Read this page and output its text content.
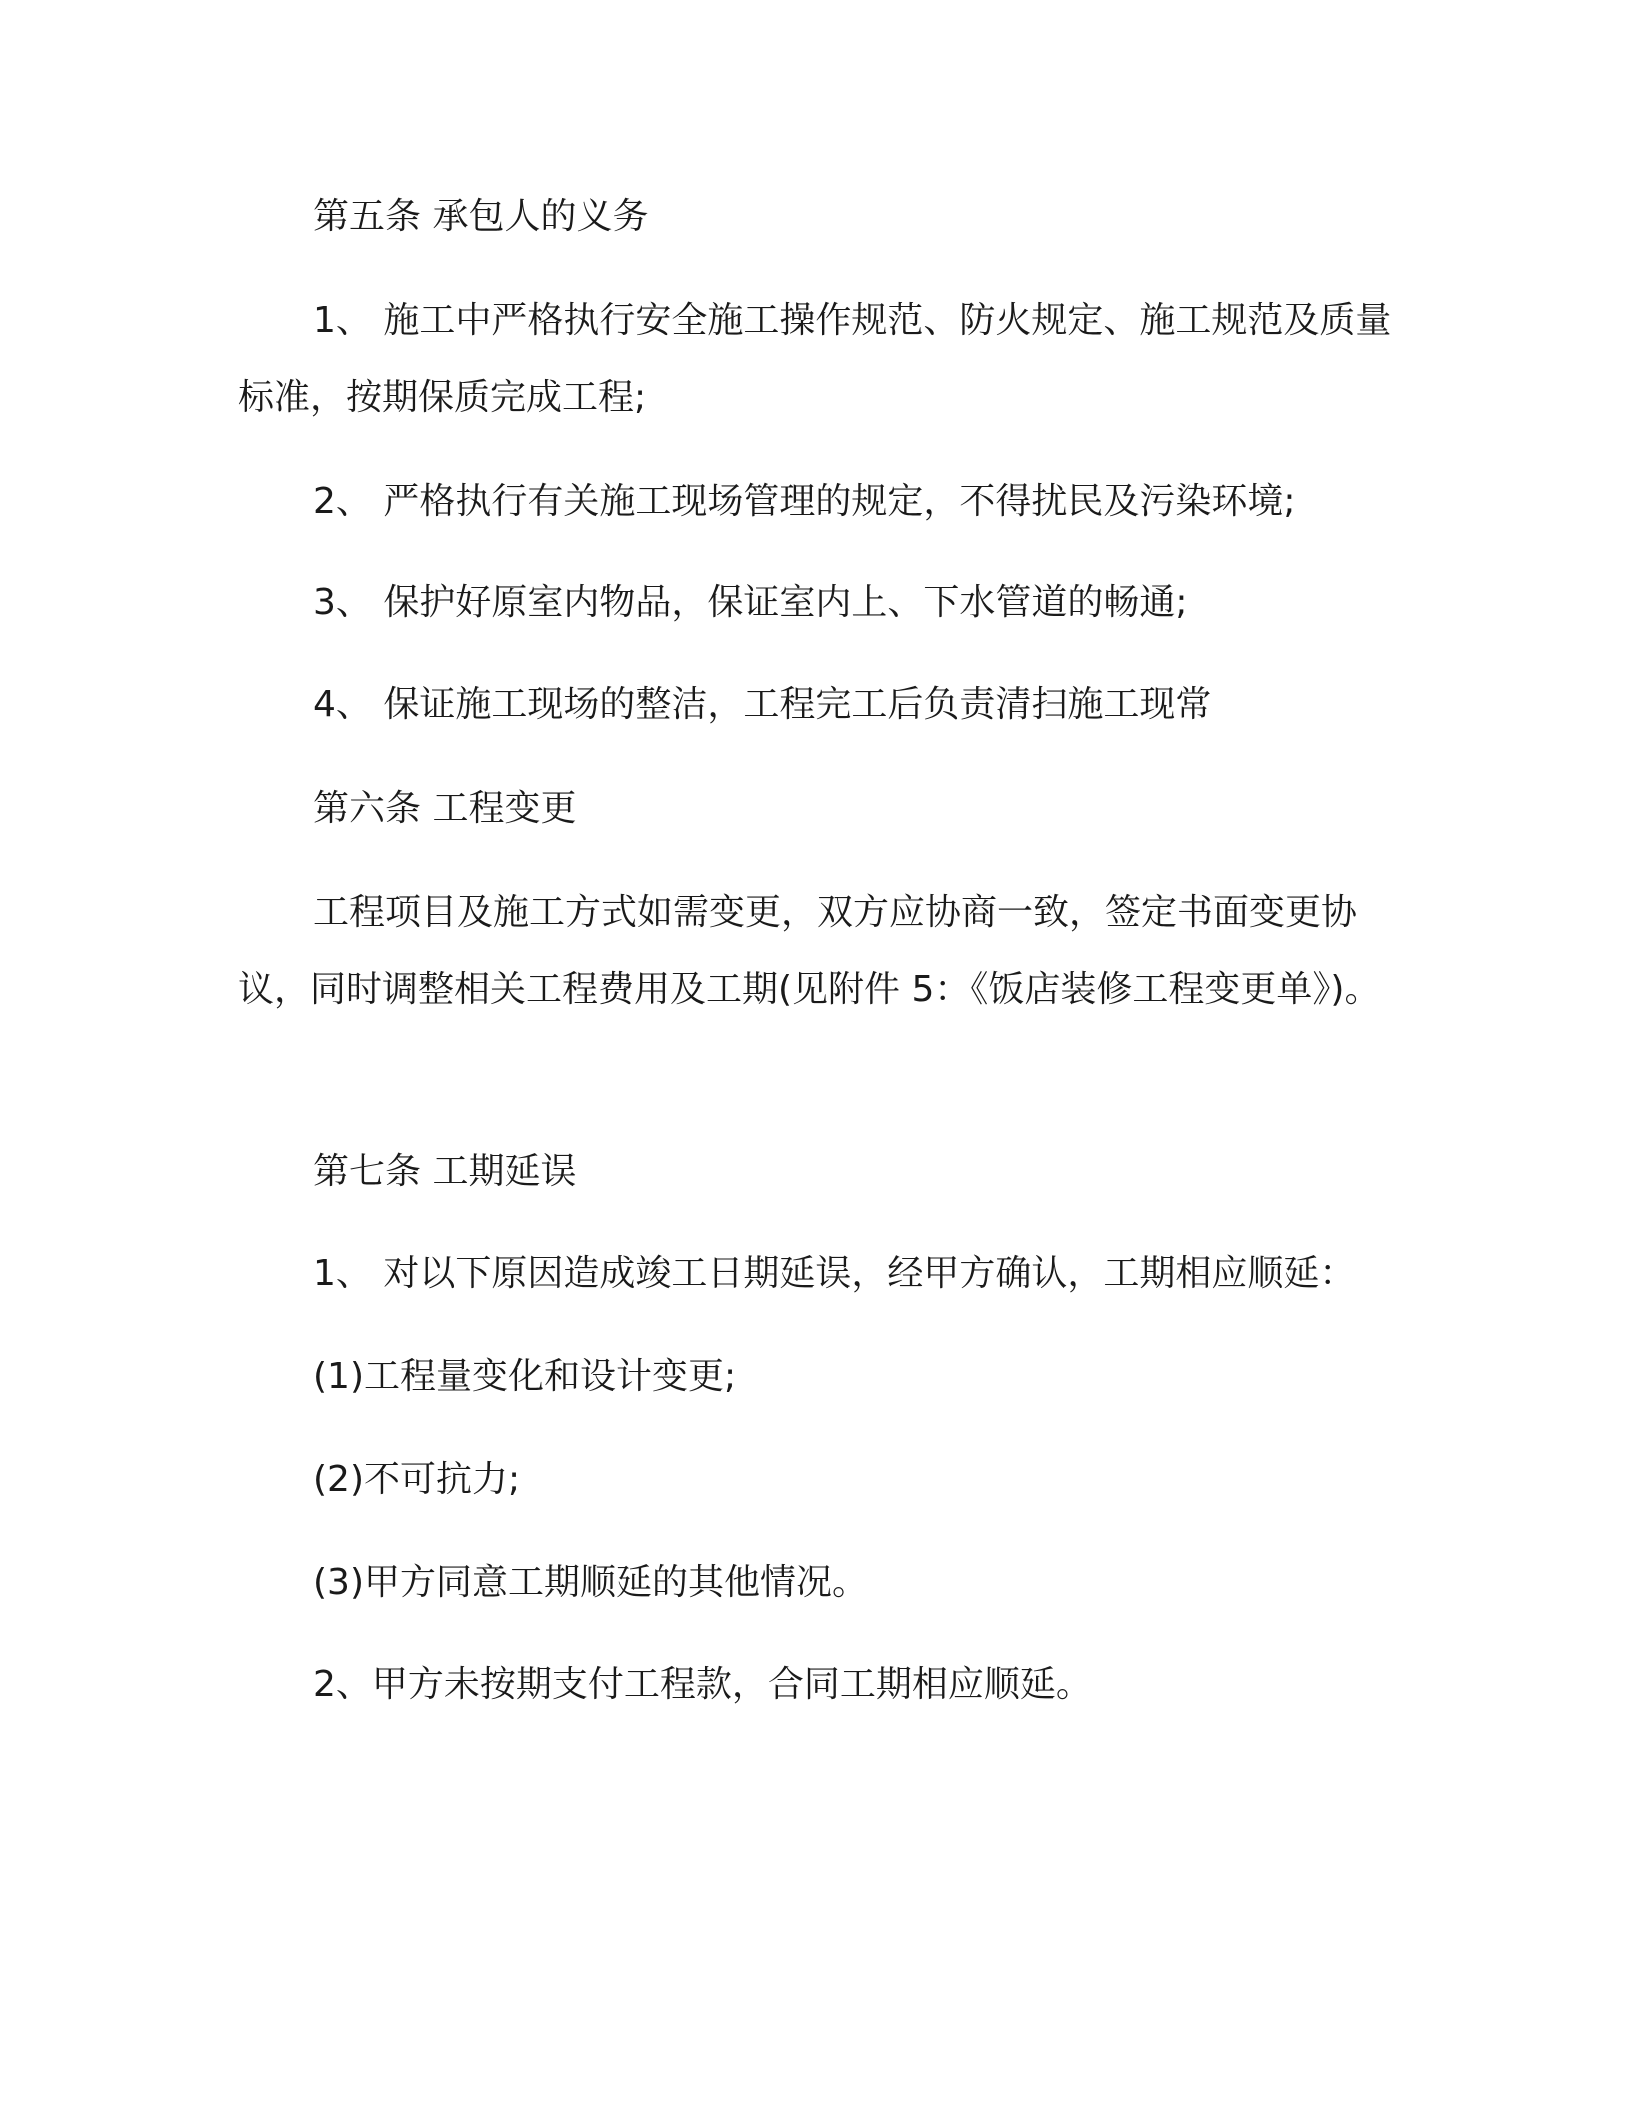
第五条 承包人的义务

1、 施工中严格执行安全施工操作规范、防火规定、施工规范及质量标准，按期保质完成工程;

2、 严格执行有关施工现场管理的规定，不得扰民及污染环境;

3、 保护好原室内物品，保证室内上、下水管道的畅通;

4、 保证施工现场的整洁，工程完工后负责清扫施工现常

第六条 工程变更

工程项目及施工方式如需变更，双方应协商一致，签定书面变更协议，同时调整相关工程费用及工期(见附件 5：《饭店装修工程变更单》)。

第七条 工期延误

1、 对以下原因造成竣工日期延误，经甲方确认，工期相应顺延：

(1)工程量变化和设计变更;

(2)不可抗力;

(3)甲方同意工期顺延的其他情况。

2、甲方未按期支付工程款，合同工期相应顺延。
